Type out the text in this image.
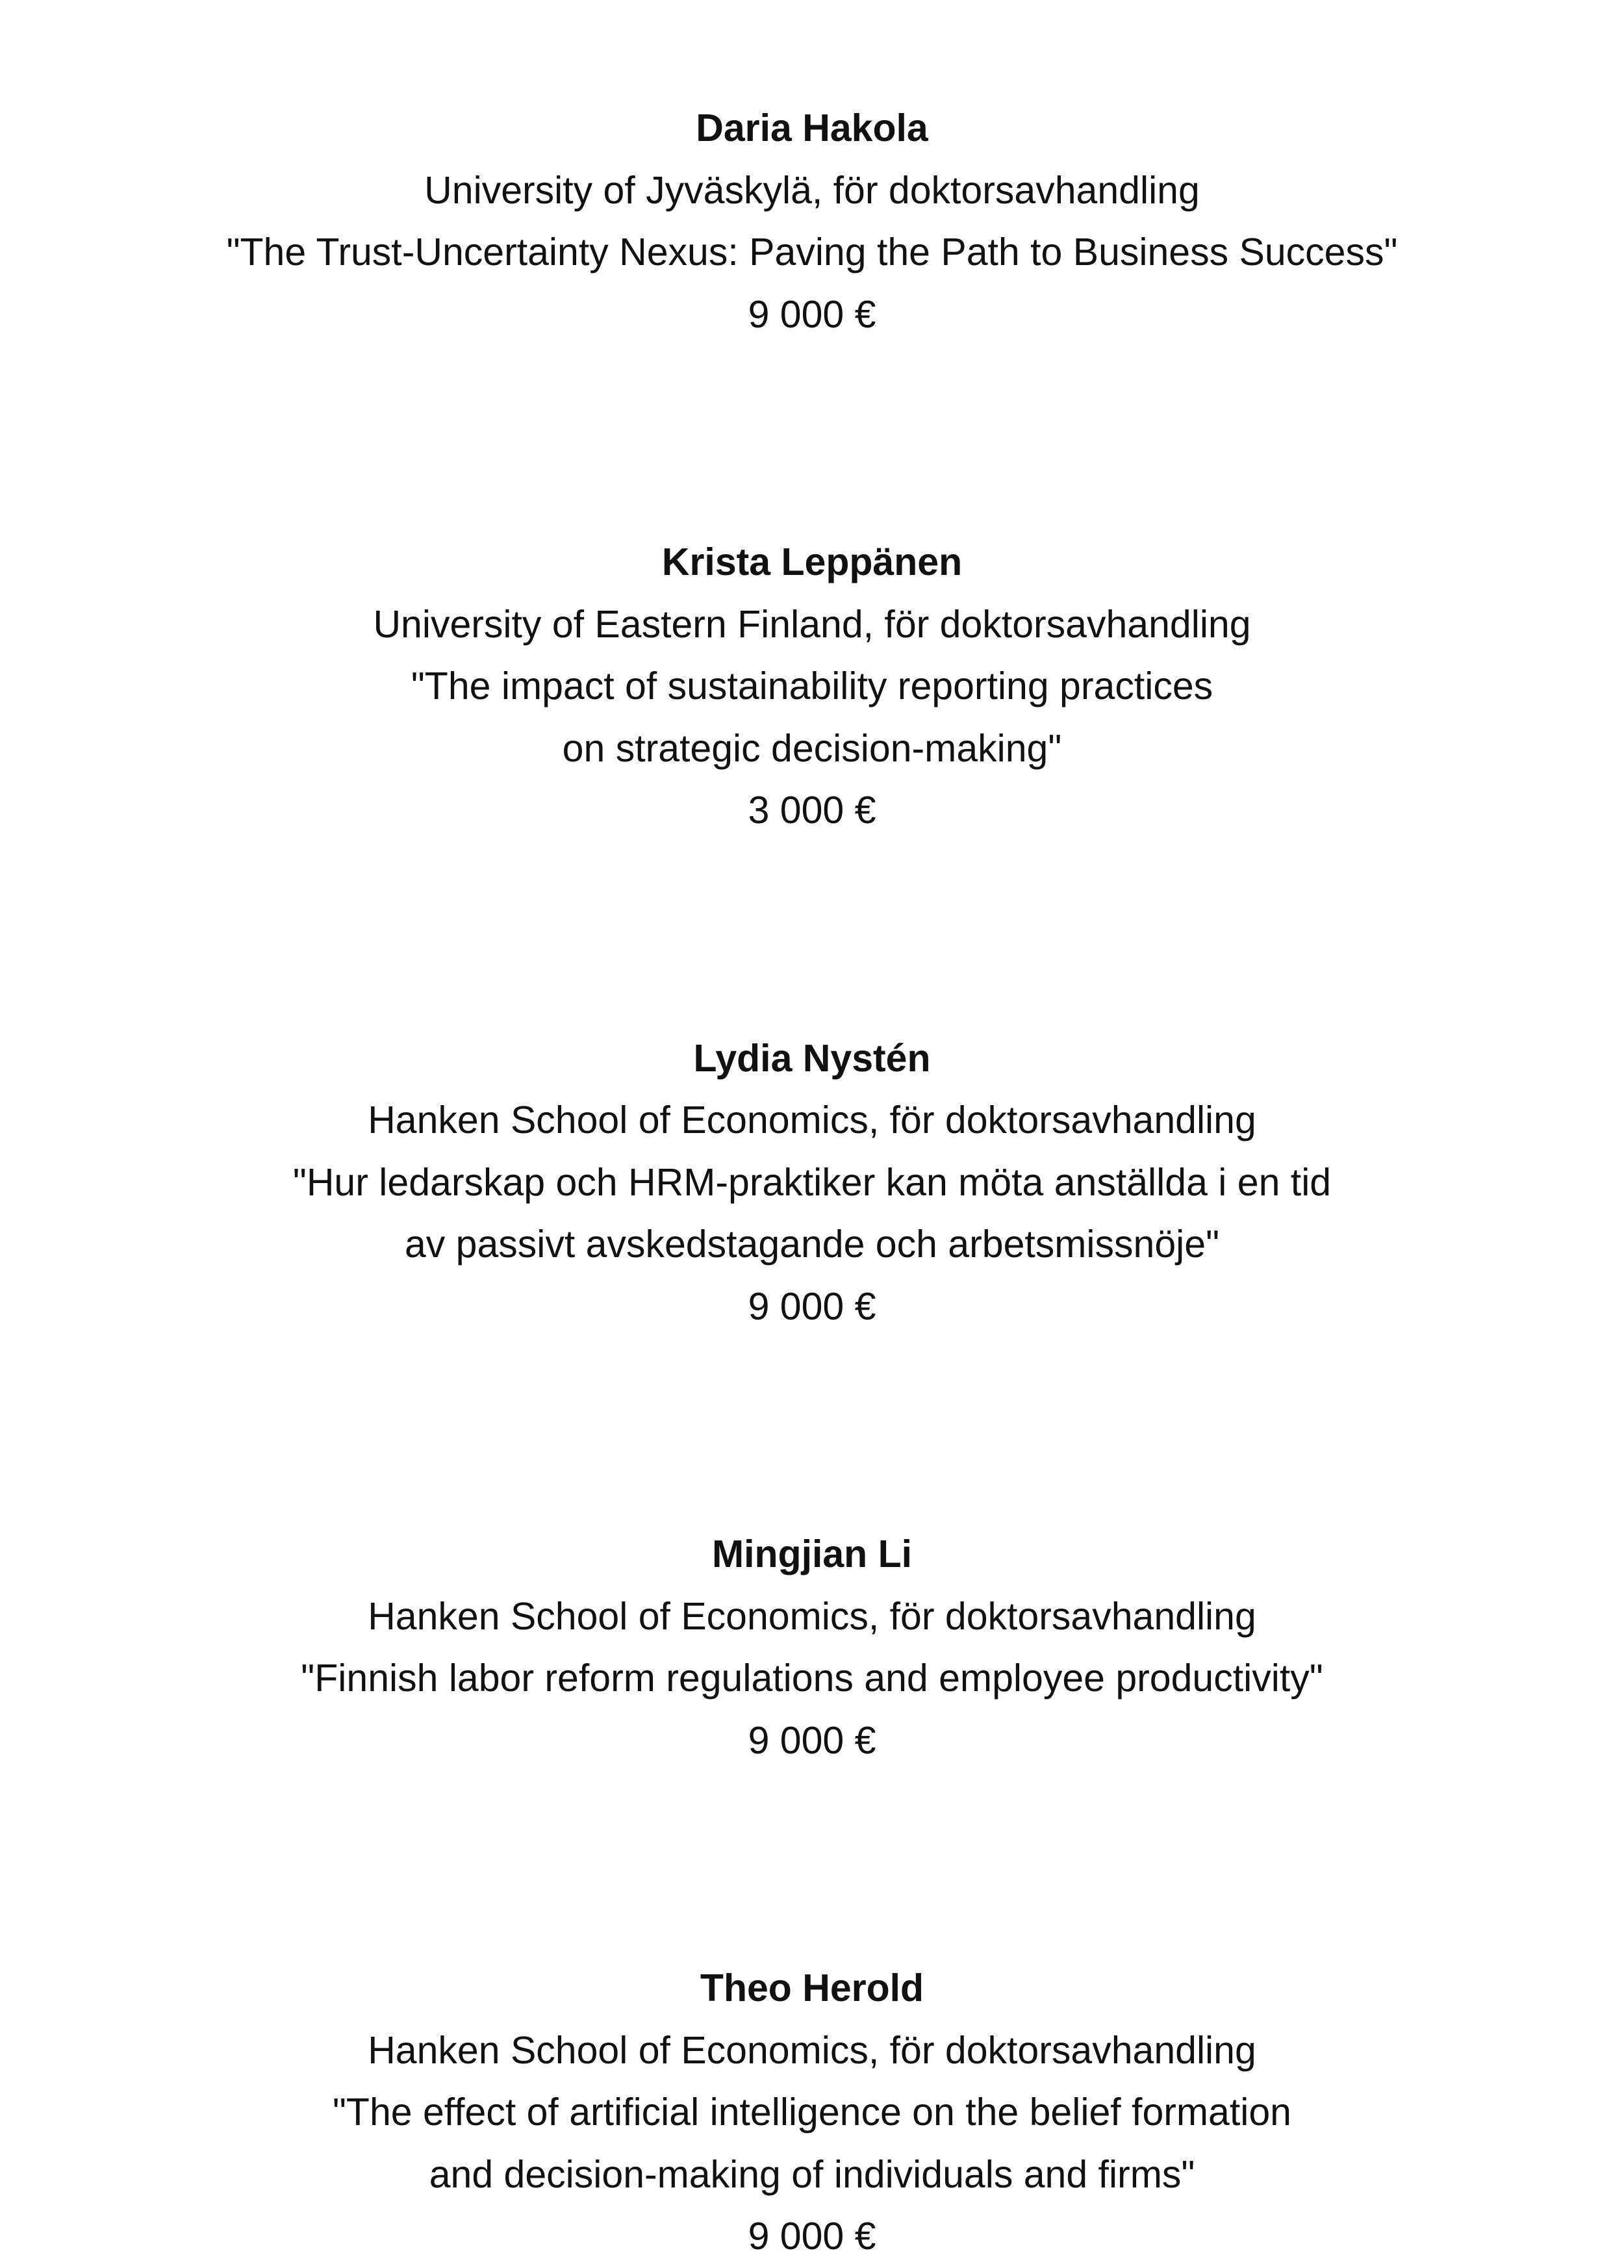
Daria Hakola
University of Jyväskylä, för doktorsavhandling
"The Trust-Uncertainty Nexus: Paving the Path to Business Success"
9 000 €
Krista Leppänen
University of Eastern Finland, för doktorsavhandling
"The impact of sustainability reporting practices
on strategic decision-making"
3 000 €
Lydia Nystén
Hanken School of Economics, för doktorsavhandling
"Hur ledarskap och HRM-praktiker kan möta anställda i en tid
av passivt avskedstagande och arbetsmissnöje"
9 000 €
Mingjian Li
Hanken School of Economics, för doktorsavhandling
"Finnish labor reform regulations and employee productivity"
9 000 €
Theo Herold
Hanken School of Economics, för doktorsavhandling
"The effect of artificial intelligence on the belief formation
and decision-making of individuals and firms"
9 000 €
